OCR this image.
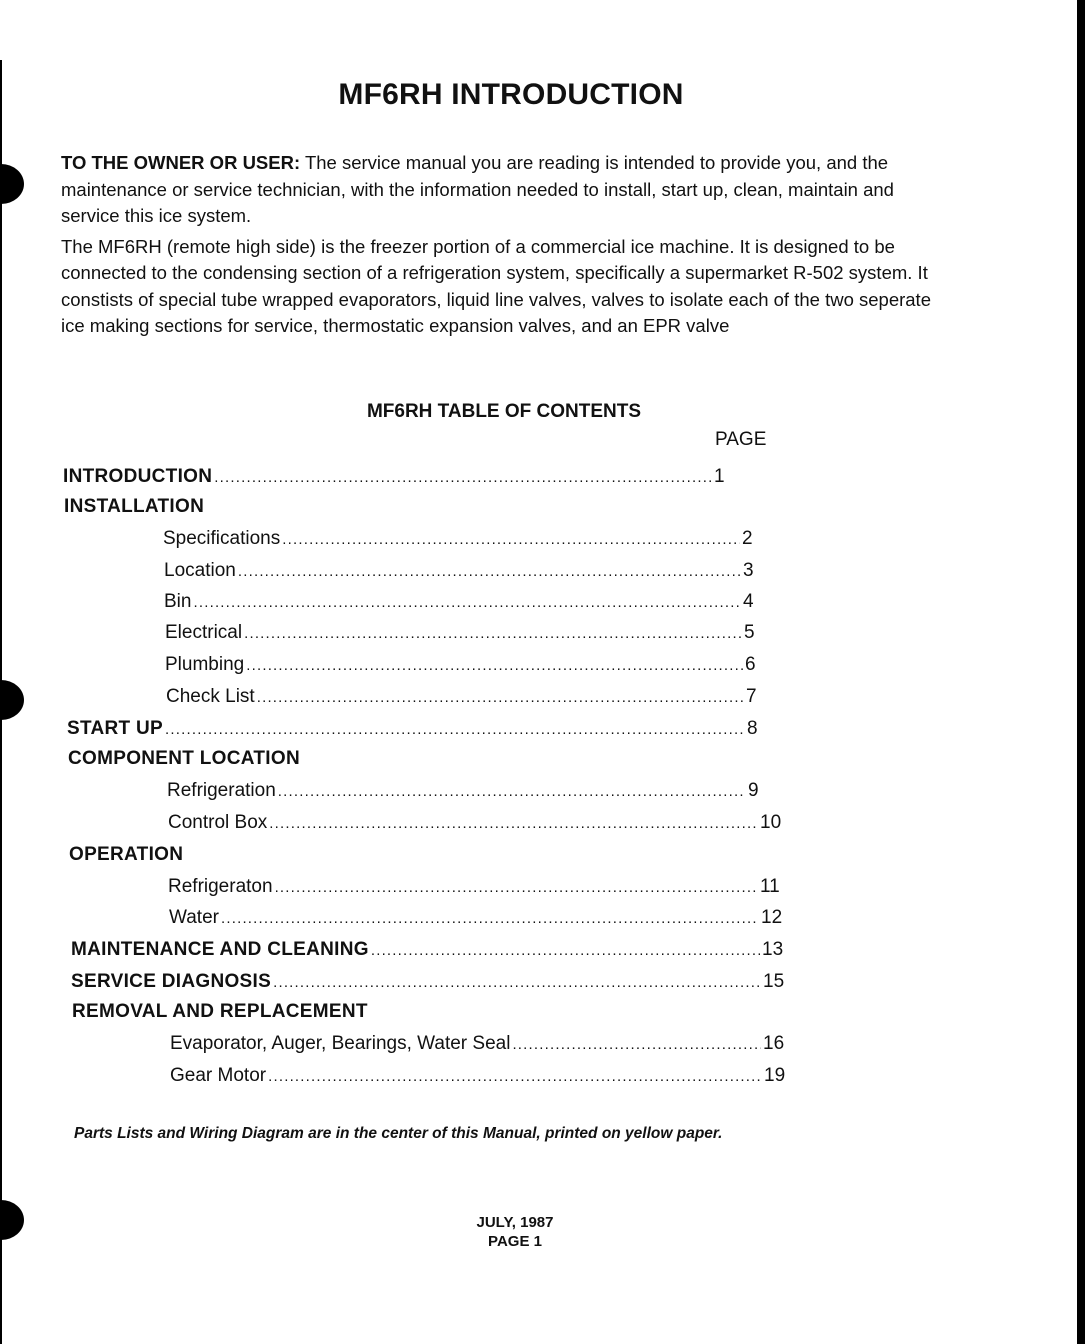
MF6RH INTRODUCTION

TO THE OWNER OR USER: The service manual you are reading is intended to provide you, and the maintenance or service technician, with the information needed to install, start up, clean, maintain and service this ice system.

The MF6RH (remote high side) is the freezer portion of a commercial ice machine. It is designed to be connected to the condensing section of a refrigeration system, specifically a supermarket R-502 system. It constists of special tube wrapped evaporators, liquid line valves, valves to isolate each of the two seperate ice making sections for service, thermostatic expansion valves, and an EPR valve

MF6RH TABLE OF CONTENTS
PAGE
INTRODUCTION .....	1
INSTALLATION
Specifications .....	2
Location .....	3
Bin .....	4
Electrical .....	5
Plumbing .....	6
Check List .....	7
START UP .....	8
COMPONENT LOCATION
Refrigeration .....	9
Control Box .....	10
OPERATION
Refrigeraton .....	11
Water .....	12
MAINTENANCE AND CLEANING .....	13
SERVICE DIAGNOSIS .....	15
REMOVAL AND REPLACEMENT
Evaporator, Auger, Bearings, Water Seal .....	16
Gear Motor .....	19
Parts Lists and Wiring Diagram are in the center of this Manual, printed on yellow paper.
JULY, 1987
PAGE 1
